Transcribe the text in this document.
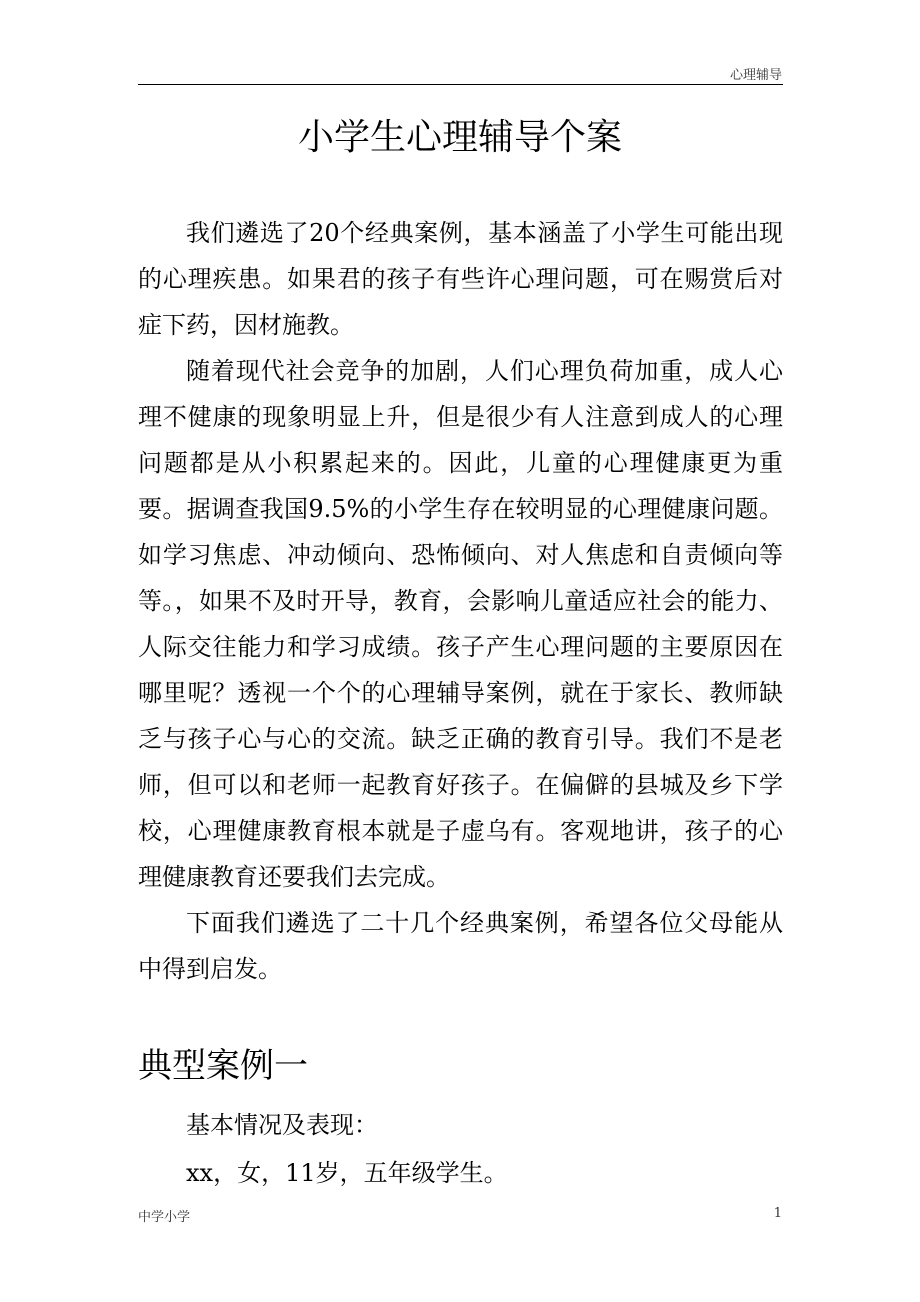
心理辅导
小学生心理辅导个案

我们遴选了20个经典案例，基本涵盖了小学生可能出现的心理疾患。如果君的孩子有些许心理问题，可在赐赏后对症下药，因材施教。

随着现代社会竞争的加剧，人们心理负荷加重，成人心理不健康的现象明显上升，但是很少有人注意到成人的心理问题都是从小积累起来的。因此，儿童的心理健康更为重要。据调查我国9.5%的小学生存在较明显的心理健康问题。如学习焦虑、冲动倾向、恐怖倾向、对人焦虑和自责倾向等等。，如果不及时开导，教育，会影响儿童适应社会的能力、人际交往能力和学习成绩。孩子产生心理问题的主要原因在哪里呢？透视一个个的心理辅导案例，就在于家长、教师缺乏与孩子心与心的交流。缺乏正确的教育引导。我们不是老师，但可以和老师一起教育好孩子。在偏僻的县城及乡下学校，心理健康教育根本就是子虚乌有。客观地讲，孩子的心理健康教育还要我们去完成。

下面我们遴选了二十几个经典案例，希望各位父母能从中得到启发。

典型案例一
基本情况及表现：
xx，女，11岁，五年级学生。
中学小学	1
